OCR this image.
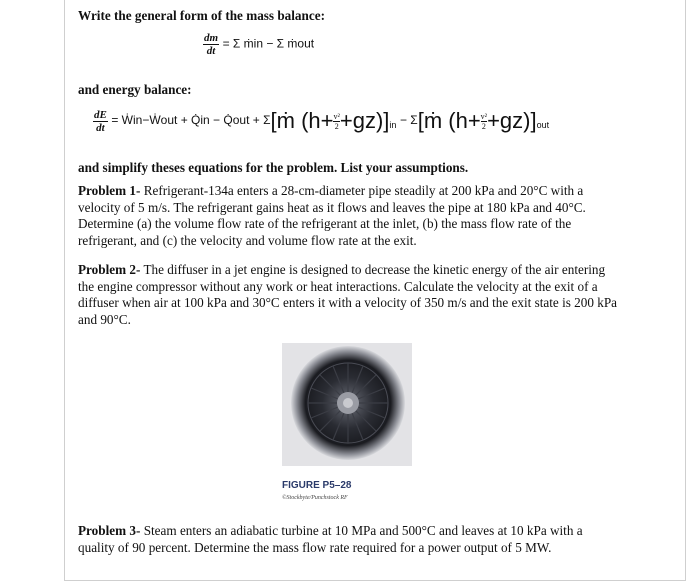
Write the general form of the mass balance:
$\frac{dm}{dt} = \Sigma$ ṁin − Σ ṁout
and energy balance:
$\frac{dE}{dt}$ = Ẇin−Ẇout + Q̇in − Q̇out + Σ[ṁ $(h+ \frac{\text{v²}}{2} +gz)]_{in}$ − Σ[ṁ $(h+ \frac{\text{v²}}{2} +gz)]_{out}$
and simplify theses equations for the problem. List your assumptions.
Problem 1- Refrigerant-134a enters a 28-cm-diameter pipe steadily at 200 kPa and 20°C with a velocity of 5 m/s. The refrigerant gains heat as it flows and leaves the pipe at 180 kPa and 40°C. Determine (a) the volume flow rate of the refrigerant at the inlet, (b) the mass flow rate of the refrigerant, and (c) the velocity and volume flow rate at the exit.
Problem 2- The diffuser in a jet engine is designed to decrease the kinetic energy of the air entering the engine compressor without any work or heat interactions. Calculate the velocity at the exit of a diffuser when air at 100 kPa and 30°C enters it with a velocity of 350 m/s and the exit state is 200 kPa and 90°C.
FIGURE P5–28
©Stockbyte/Punchstock RF
Problem 3- Steam enters an adiabatic turbine at 10 MPa and 500°C and leaves at 10 kPa with a quality of 90 percent. Determine the mass flow rate required for a power output of 5 MW.
